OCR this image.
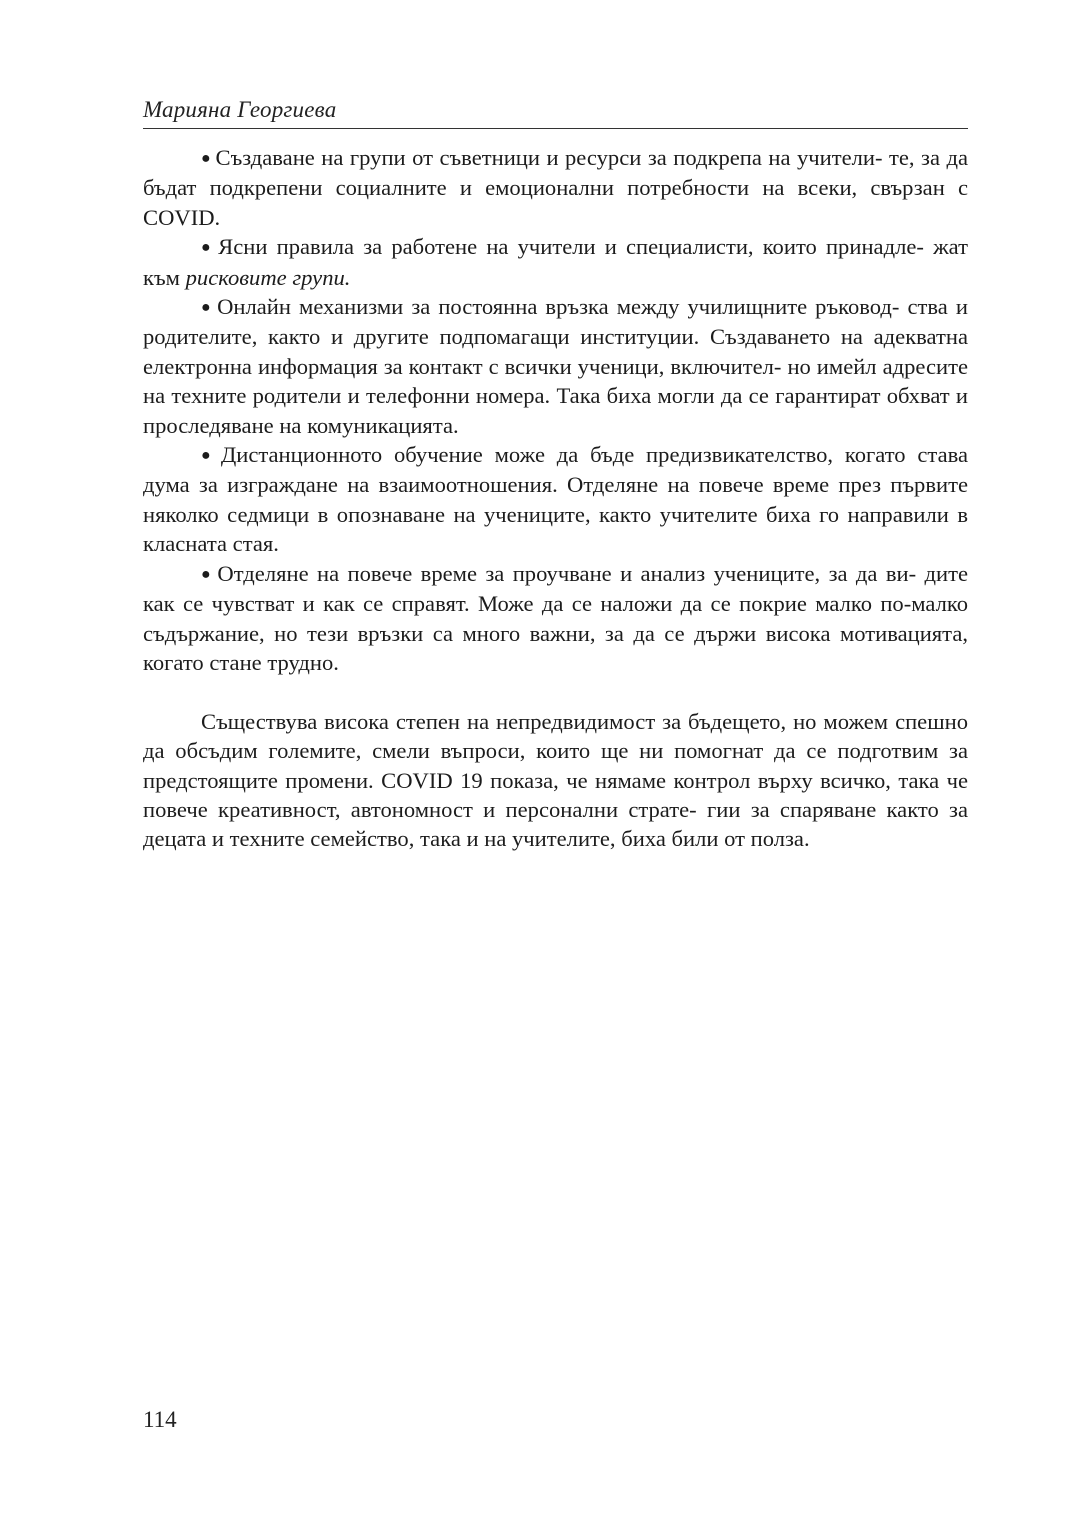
Марияна Георгиева

● Създаване на групи от съветници и ресурси за подкрепа на учители- те, за да бъдат подкрепени социалните и емоционални потребности на всеки, свързан с COVID.

● Ясни правила за работене на учители и специалисти, които принадле- жат към рисковите групи.

● Онлайн механизми за постоянна връзка между училищните ръковод- ства и родителите, както и другите подпомагащи институции. Създаването на адекватна електронна информация за контакт с всички ученици, включител- но имейл адресите на техните родители и телефонни номера. Така биха могли да се гарантират обхват и проследяване на комуникацията.

● Дистанционното обучение може да бъде предизвикателство, когато става дума за изграждане на взаимоотношения. Отделяне на повече време през първите няколко седмици в опознаване на учениците, както учителите биха го направили в класната стая.

● Отделяне на повече време за проучване и анализ учениците, за да ви- дите как се чувстват и как се справят. Може да се наложи да се покрие малко по-малко съдържание, но тези връзки са много важни, за да се държи висока мотивацията, когато стане трудно.

Съществува висока степен на непредвидимост за бъдещето, но можем спешно да обсъдим големите, смели въпроси, които ще ни помогнат да се подготвим за предстоящите промени. COVID 19 показа, че нямаме контрол върху всичко, така че повече креативност, автономност и персонални страте- гии за спаряване както за децата и техните семейство, така и на учителите, биха били от полза.

114
